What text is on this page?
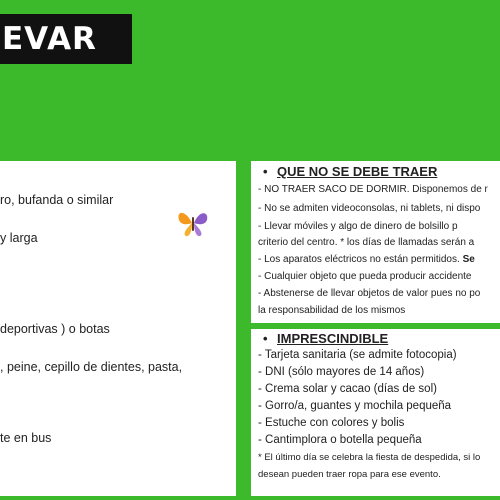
EVAR
ro, bufanda o similar
y larga
deportivas ) o botas
, peine, cepillo de dientes, pasta,
te en bus
• QUE NO SE DEBE TRAER
- NO TRAER SACO DE DORMIR. Disponemos de r
- No se admiten videoconsolas, ni tablets, ni dispo
- Llevar móviles y algo de dinero de bolsillo p
criterio del centro. * los días de llamadas serán a
- Los aparatos eléctricos no están permitidos. Se
- Cualquier objeto que pueda producir accidente
• IMPRESCINDIBLE
- Tarjeta sanitaria (se admite fotocopia)
- DNI (sólo mayores de 14 años)
- Crema solar y cacao (días de sol)
- Gorro/a, guantes y mochila pequeña
- Estuche con colores y bolis
- Cantimplora o botella pequeña
* El último día se celebra la fiesta de despedida, si lo
desean pueden traer ropa para ese evento.
- Abstenerse de llevar objetos de valor pues no po
la responsabilidad de los mismos
